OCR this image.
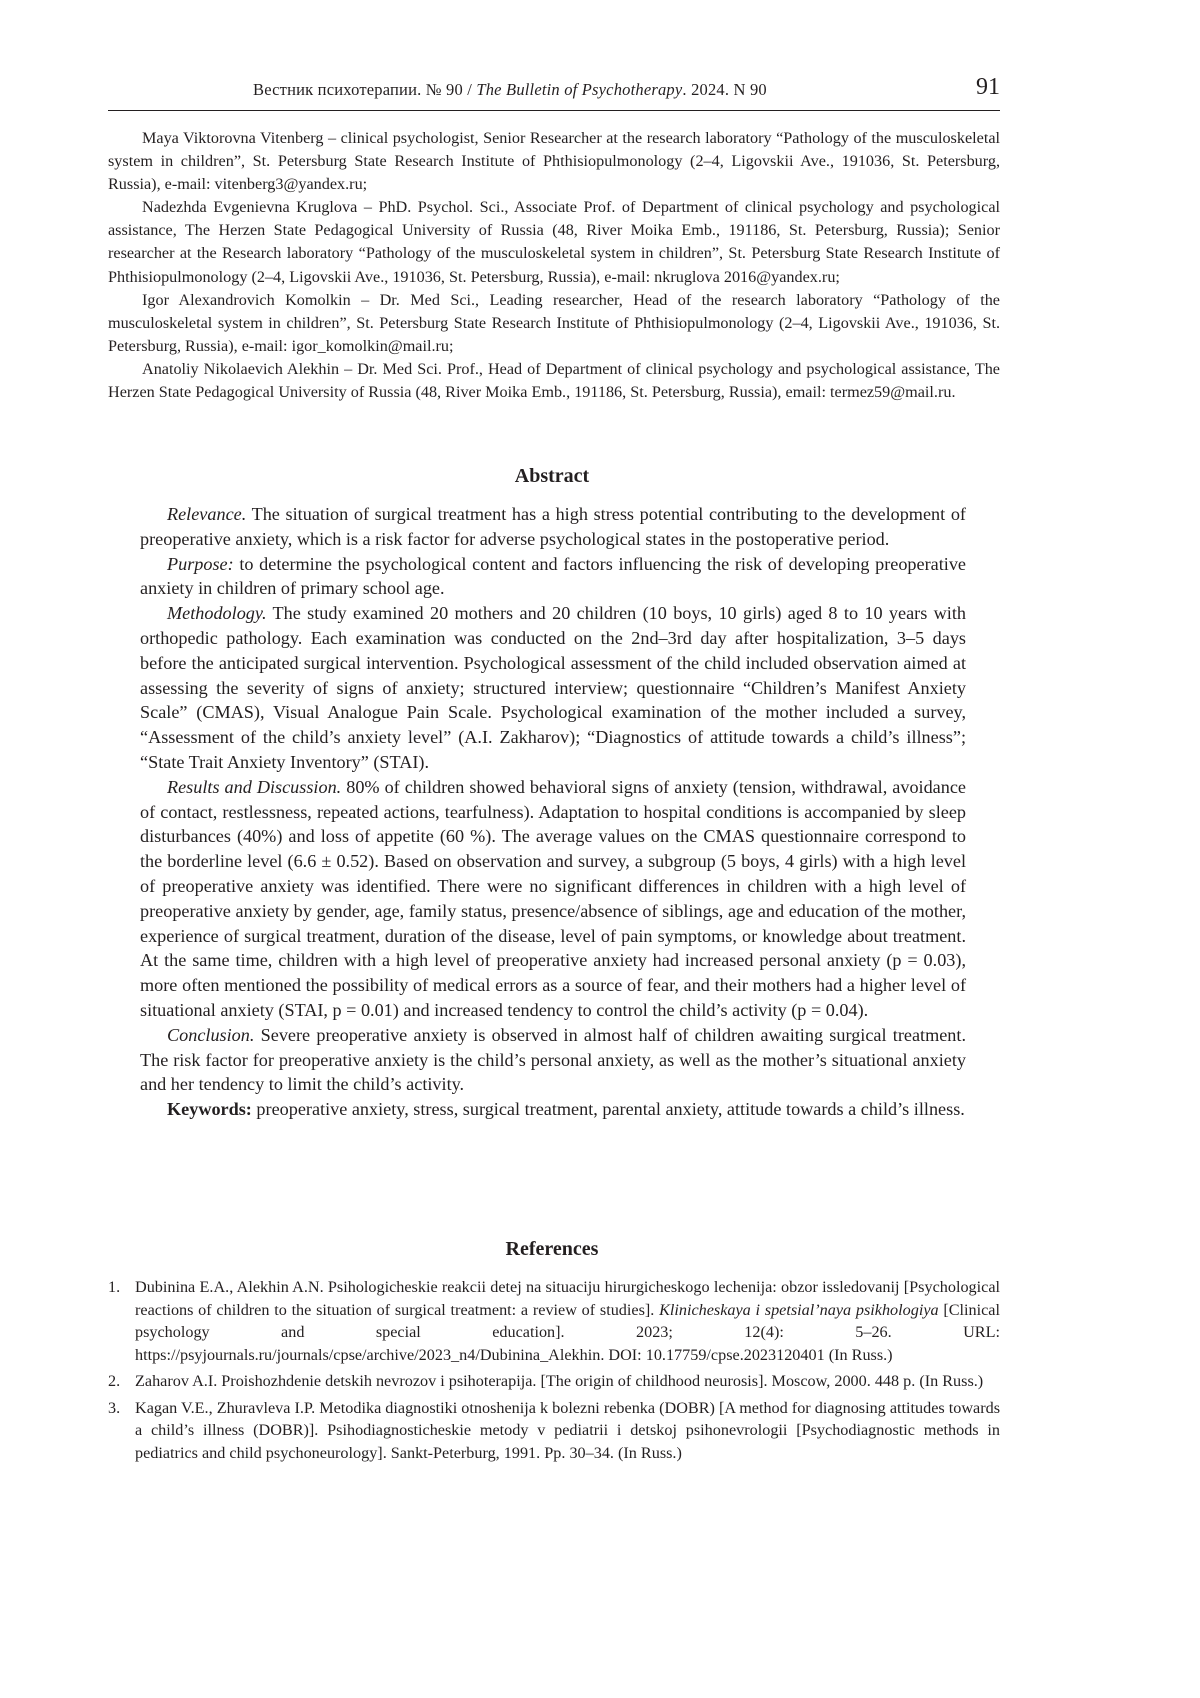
Вестник психотерапии. № 90 / The Bulletin of Psychotherapy. 2024. N 90	91

Maya Viktorovna Vitenberg – clinical psychologist, Senior Researcher at the research laboratory “Pathology of the musculoskeletal system in children”, St. Petersburg State Research Institute of Phthisiopulmonology (2–4, Ligovskii Ave., 191036, St. Petersburg, Russia), e-mail: vitenberg3@yandex.ru;

Nadezhda Evgenievna Kruglova – PhD. Psychol. Sci., Associate Prof. of Department of clinical psychology and psychological assistance, The Herzen State Pedagogical University of Russia (48, River Moika Emb., 191186, St. Petersburg, Russia); Senior researcher at the Research laboratory “Pathology of the musculoskeletal system in children”, St. Petersburg State Research Institute of Phthisiopulmonology (2–4, Ligovskii Ave., 191036, St. Petersburg, Russia), e-mail: nkruglova 2016@yandex.ru;

Igor Alexandrovich Komolkin – Dr. Med Sci., Leading researcher, Head of the research laboratory “Pathology of the musculoskeletal system in children”, St. Petersburg State Research Institute of Phthisiopulmonology (2–4, Ligovskii Ave., 191036, St. Petersburg, Russia), e-mail: igor_komolkin@mail.ru;

Anatoliy Nikolaevich Alekhin – Dr. Med Sci. Prof., Head of Department of clinical psychology and psychological assistance, The Herzen State Pedagogical University of Russia (48, River Moika Emb., 191186, St. Petersburg, Russia), email: termez59@mail.ru.

Abstract

Relevance. The situation of surgical treatment has a high stress potential contributing to the development of preoperative anxiety, which is a risk factor for adverse psychological states in the postoperative period.

Purpose: to determine the psychological content and factors influencing the risk of developing preoperative anxiety in children of primary school age.

Methodology. The study examined 20 mothers and 20 children (10 boys, 10 girls) aged 8 to 10 years with orthopedic pathology. Each examination was conducted on the 2nd–3rd day after hospitalization, 3–5 days before the anticipated surgical intervention. Psychological assessment of the child included observation aimed at assessing the severity of signs of anxiety; structured interview; questionnaire “Children’s Manifest Anxiety Scale” (CMAS), Visual Analogue Pain Scale. Psychological examination of the mother included a survey, “Assessment of the child’s anxiety level” (A.I. Zakharov); “Diagnostics of attitude towards a child’s illness”; “State Trait Anxiety Inventory” (STAI).

Results and Discussion. 80% of children showed behavioral signs of anxiety (tension, withdrawal, avoidance of contact, restlessness, repeated actions, tearfulness). Adaptation to hospital conditions is accompanied by sleep disturbances (40%) and loss of appetite (60 %). The average values on the CMAS questionnaire correspond to the borderline level (6.6 ± 0.52). Based on observation and survey, a subgroup (5 boys, 4 girls) with a high level of preoperative anxiety was identified. There were no significant differences in children with a high level of preoperative anxiety by gender, age, family status, presence/absence of siblings, age and education of the mother, experience of surgical treatment, duration of the disease, level of pain symptoms, or knowledge about treatment. At the same time, children with a high level of preoperative anxiety had increased personal anxiety (p = 0.03), more often mentioned the possibility of medical errors as a source of fear, and their mothers had a higher level of situational anxiety (STAI, p = 0.01) and increased tendency to control the child’s activity (p = 0.04).

Conclusion. Severe preoperative anxiety is observed in almost half of children awaiting surgical treatment. The risk factor for preoperative anxiety is the child’s personal anxiety, as well as the mother’s situational anxiety and her tendency to limit the child’s activity.

Keywords: preoperative anxiety, stress, surgical treatment, parental anxiety, attitude towards a child’s illness.

References
1. Dubinina E.A., Alekhin A.N. Psihologicheskie reakcii detej na situaciju hirurgicheskogo lechenija: obzor issledovanij [Psychological reactions of children to the situation of surgical treatment: a review of studies]. Klinicheskaya i spetsial’naya psikhologiya [Clinical psychology and special education]. 2023; 12(4): 5–26. URL: https://psyjournals.ru/journals/cpse/archive/2023_n4/Dubinina_Alekhin. DOI: 10.17759/cpse.2023120401 (In Russ.)
2. Zaharov A.I. Proishozhdenie detskih nevrozov i psihoterapija. [The origin of childhood neurosis]. Moscow, 2000. 448 p. (In Russ.)
3. Kagan V.E., Zhuravleva I.P. Metodika diagnostiki otnoshenija k bolezni rebenka (DOBR) [A method for diagnosing attitudes towards a child’s illness (DOBR)]. Psihodiagnosticheskie metody v pediatrii i detskoj psihonevrologii [Psychodiagnostic methods in pediatrics and child psychoneurology]. Sankt-Peterburg, 1991. Pp. 30–34. (In Russ.)
